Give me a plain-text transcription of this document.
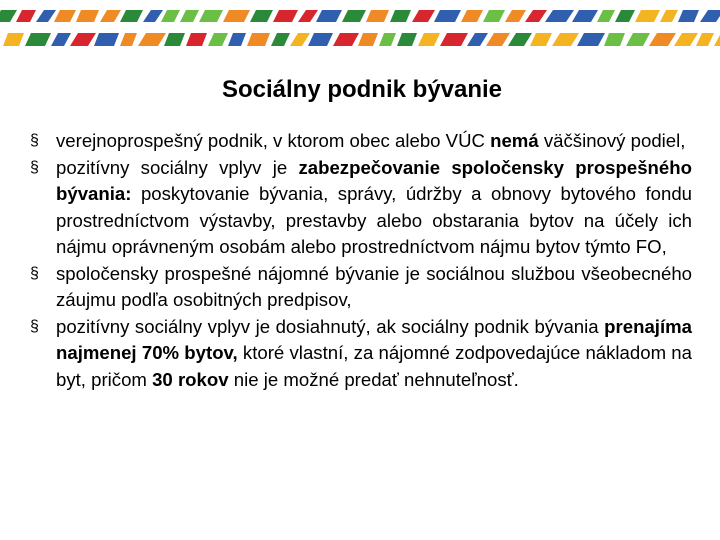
Sociálny podnik bývanie
§ verejnoprospešný podnik, v ktorom obec alebo VÚC nemá väčšinový podiel,
§ pozitívny sociálny vplyv je zabezpečovanie spoločensky prospešného bývania: poskytovanie bývania, správy, údržby a obnovy bytového fondu prostredníctvom výstavby, prestavby alebo obstarania bytov na účely ich nájmu oprávneným osobám alebo prostredníctvom nájmu bytov týmto FO,
§ spoločensky prospešné nájomné bývanie je sociálnou službou všeobecného záujmu podľa osobitných predpisov,
§ pozitívny sociálny vplyv je dosiahnutý, ak sociálny podnik bývania prenajíma najmenej 70% bytov, ktoré vlastní, za nájomné zodpovedajúce nákladom na byt, pričom 30 rokov nie je možné predať nehnuteľnosť.
